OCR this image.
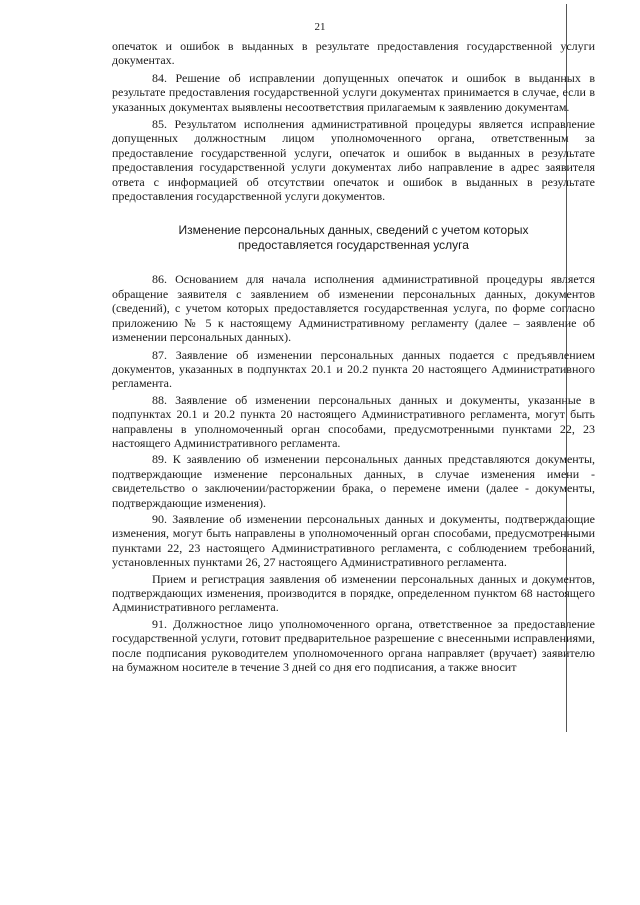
21

опечаток и ошибок в выданных в результате предоставления государственной услуги документах.

84. Решение об исправлении допущенных опечаток и ошибок в выданных в результате предоставления государственной услуги документах принимается в случае, если в указанных документах выявлены несоответствия прилагаемым к заявлению документам.

85. Результатом исполнения административной процедуры является исправление допущенных должностным лицом уполномоченного органа, ответственным за предоставление государственной услуги, опечаток и ошибок в выданных в результате предоставления государственной услуги документах либо направление в адрес заявителя ответа с информацией об отсутствии опечаток и ошибок в выданных в результате предоставления государственной услуги документов.

Изменение персональных данных, сведений с учетом которых
предоставляется государственная услуга

86. Основанием для начала исполнения административной процедуры является обращение заявителя с заявлением об изменении персональных данных, документов (сведений), с учетом которых предоставляется государственная услуга, по форме согласно приложению № 5 к настоящему Административному регламенту (далее – заявление об изменении персональных данных).

87. Заявление об изменении персональных данных подается с предъявлением документов, указанных в подпунктах 20.1 и 20.2 пункта 20 настоящего Административного регламента.

88. Заявление об изменении персональных данных и документы, указанные в подпунктах 20.1 и 20.2 пункта 20 настоящего Административного регламента, могут быть направлены в уполномоченный орган способами, предусмотренными пунктами 22, 23 настоящего Административного регламента.

89. К заявлению об изменении персональных данных представляются документы, подтверждающие изменение персональных данных, в случае изменения имени - свидетельство о заключении/расторжении брака, о перемене имени (далее - документы, подтверждающие изменения).

90. Заявление об изменении персональных данных и документы, подтверждающие изменения, могут быть направлены в уполномоченный орган способами, предусмотренными пунктами 22, 23 настоящего Административного регламента, с соблюдением требований, установленных пунктами 26, 27 настоящего Административного регламента.

Прием и регистрация заявления об изменении персональных данных и документов, подтверждающих изменения, производится в порядке, определенном пунктом 68 настоящего Административного регламента.

91. Должностное лицо уполномоченного органа, ответственное за предоставление государственной услуги, готовит предварительное разрешение с внесенными исправлениями, после подписания руководителем уполномоченного органа направляет (вручает) заявителю на бумажном носителе в течение 3 дней со дня его подписания, а также вносит
